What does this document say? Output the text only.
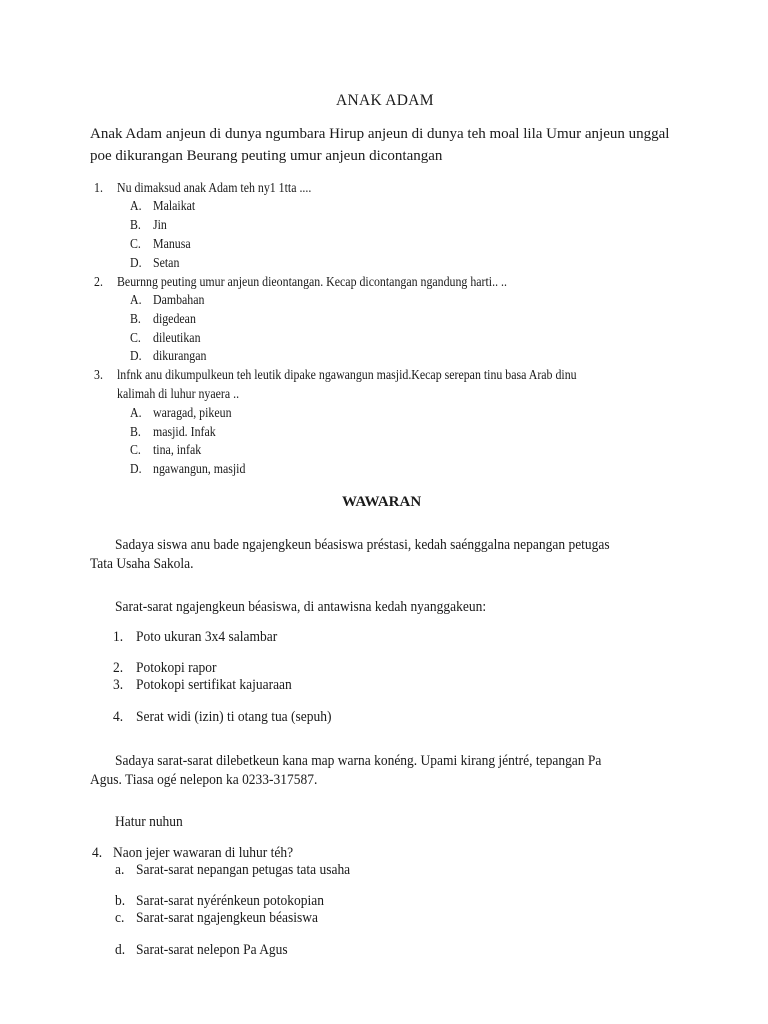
ANAK ADAM
Anak Adam anjeun di dunya ngumbara Hirup anjeun di dunya teh moal lila Umur anjeun unggal
poe dikurangan Beurang peuting umur anjeun dicontangan
1. Nu dimaksud anak Adam teh ny1 1tta ....
A. Malaikat
B. Jin
C. Manusa
D. Setan
2. Beurnng peuting umur anjeun dieontangan. Kecap dicontangan ngandung harti.. ..
A. Dambahan
B. digedean
C. dileutikan
D. dikurangan
3. lnfnk anu dikumpulkeun teh leutik dipake ngawangun masjid.Kecap serepan tinu basa Arab dinu
kalimah di luhur nyaera ..
A. waragad, pikeun
B. masjid. Infak
C. tina, infak
D. ngawangun, masjid
WAWARAN
Sadaya siswa anu bade ngajengkeun béasiswa préstasi, kedah saénggalna nepangan petugas
Tata Usaha Sakola.
Sarat-sarat ngajengkeun béasiswa, di antawisna kedah nyanggakeun:
1. Poto ukuran 3x4 salambar
2. Potokopi rapor
3. Potokopi sertifikat kajuaraan
4. Serat widi (izin) ti otang tua (sepuh)
Sadaya sarat-sarat dilebetkeun kana map warna konéng. Upami kirang jéntré, tepangan Pa
Agus. Tiasa ogé nelepon ka 0233-317587.
Hatur nuhun
4. Naon jejer wawaran di luhur téh?
a. Sarat-sarat nepangan petugas tata usaha
b. Sarat-sarat nyérénkeun potokopian
c. Sarat-sarat ngajengkeun béasiswa
d. Sarat-sarat nelepon Pa Agus
